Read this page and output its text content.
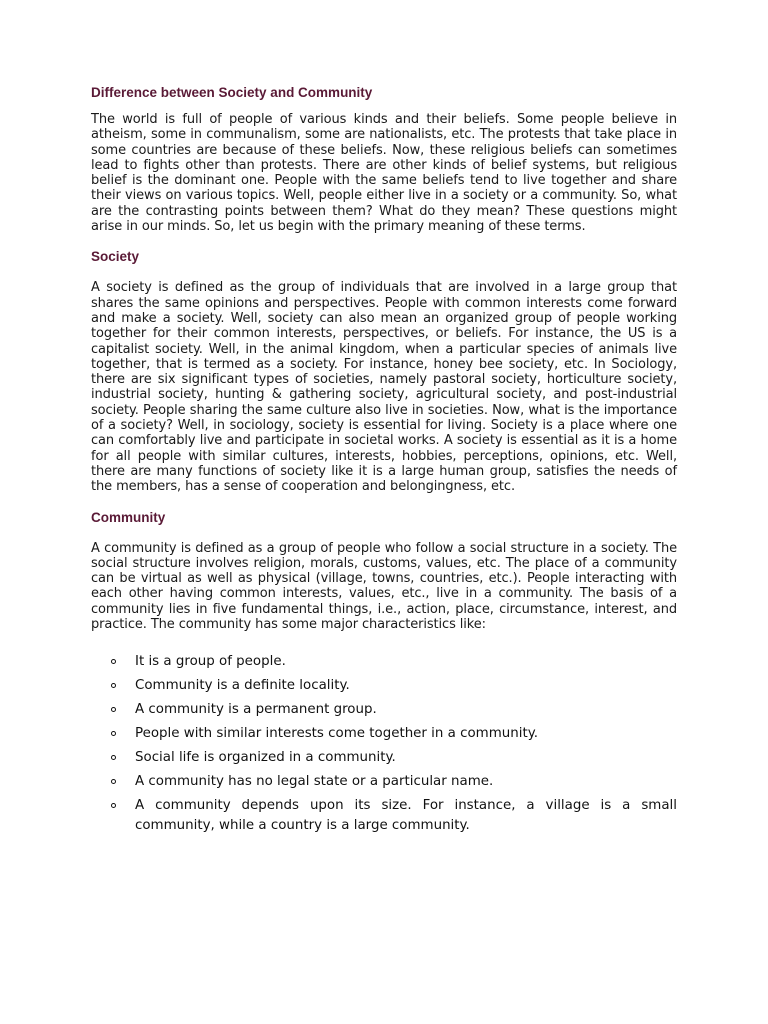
Difference between Society and Community

The world is full of people of various kinds and their beliefs. Some people believe in atheism, some in communalism, some are nationalists, etc. The protests that take place in some countries are because of these beliefs. Now, these religious beliefs can sometimes lead to fights other than protests. There are other kinds of belief systems, but religious belief is the dominant one. People with the same beliefs tend to live together and share their views on various topics. Well, people either live in a society or a community. So, what are the contrasting points between them? What do they mean? These questions might arise in our minds. So, let us begin with the primary meaning of these terms.

Society

A society is defined as the group of individuals that are involved in a large group that shares the same opinions and perspectives. People with common interests come forward and make a society. Well, society can also mean an organized group of people working together for their common interests, perspectives, or beliefs. For instance, the US is a capitalist society. Well, in the animal kingdom, when a particular species of animals live together, that is termed as a society. For instance, honey bee society, etc. In Sociology, there are six significant types of societies, namely pastoral society, horticulture society, industrial society, hunting & gathering society, agricultural society, and post-industrial society. People sharing the same culture also live in societies. Now, what is the importance of a society? Well, in sociology, society is essential for living. Society is a place where one can comfortably live and participate in societal works. A society is essential as it is a home for all people with similar cultures, interests, hobbies, perceptions, opinions, etc. Well, there are many functions of society like it is a large human group, satisfies the needs of the members, has a sense of cooperation and belongingness, etc.

Community

A community is defined as a group of people who follow a social structure in a society. The social structure involves religion, morals, customs, values, etc. The place of a community can be virtual as well as physical (village, towns, countries, etc.). People interacting with each other having common interests, values, etc., live in a community. The basis of a community lies in five fundamental things, i.e., action, place, circumstance, interest, and practice. The community has some major characteristics like:

It is a group of people.
Community is a definite locality.
A community is a permanent group.
People with similar interests come together in a community.
Social life is organized in a community.
A community has no legal state or a particular name.
A community depends upon its size. For instance, a village is a small community, while a country is a large community.
